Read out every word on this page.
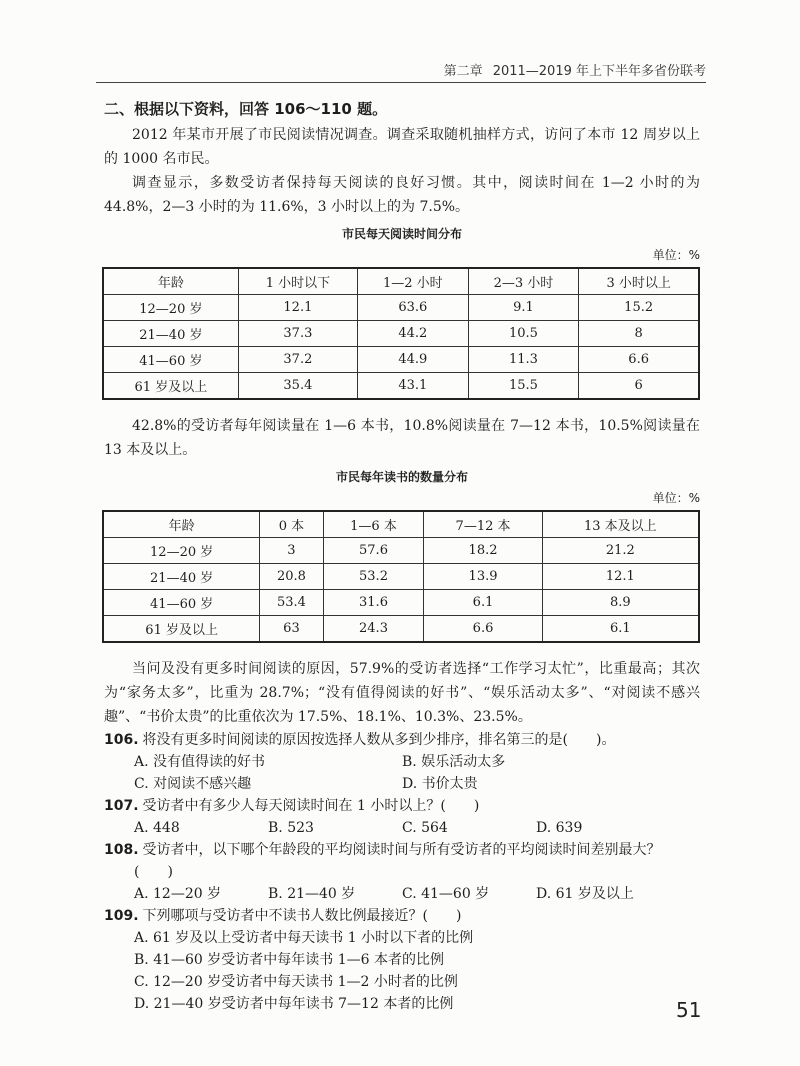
第二章 2011—2019 年上下半年多省份联考

二、根据以下资料，回答 106～110 题。

2012 年某市开展了市民阅读情况调查。调查采取随机抽样方式，访问了本市 12 周岁以上的 1000 名市民。

调查显示，多数受访者保持每天阅读的良好习惯。其中，阅读时间在 1—2 小时的为 44.8%，2—3 小时的为 11.6%，3 小时以上的为 7.5%。

市民每天阅读时间分布
单位：%
年龄	1 小时以下	1—2 小时	2—3 小时	3 小时以上
12—20 岁	12.1	63.6	9.1	15.2
21—40 岁	37.3	44.2	10.5	8
41—60 岁	37.2	44.9	11.3	6.6
61 岁及以上	35.4	43.1	15.5	6

42.8%的受访者每年阅读量在 1—6 本书，10.8%阅读量在 7—12 本书，10.5%阅读量在 13 本及以上。

市民每年读书的数量分布
单位：%
年龄	0 本	1—6 本	7—12 本	13 本及以上
12—20 岁	3	57.6	18.2	21.2
21—40 岁	20.8	53.2	13.9	12.1
41—60 岁	53.4	31.6	6.1	8.9
61 岁及以上	63	24.3	6.6	6.1

当问及没有更多时间阅读的原因，57.9%的受访者选择“工作学习太忙”，比重最高；其次为“家务太多”，比重为 28.7%；“没有值得阅读的好书”、“娱乐活动太多”、“对阅读不感兴趣”、“书价太贵”的比重依次为 17.5%、18.1%、10.3%、23.5%。

106. 将没有更多时间阅读的原因按选择人数从多到少排序，排名第三的是(　　)。

A. 没有值得读的好书	B. 娱乐活动太多
C. 对阅读不感兴趣	D. 书价太贵

107. 受访者中有多少人每天阅读时间在 1 小时以上？(　　)

A. 448	B. 523	C. 564	D. 639

108. 受访者中，以下哪个年龄段的平均阅读时间与所有受访者的平均阅读时间差别最大？

(　　)
A. 12—20 岁	B. 21—40 岁	C. 41—60 岁	D. 61 岁及以上

109. 下列哪项与受访者中不读书人数比例最接近？(　　)

A. 61 岁及以上受访者中每天读书 1 小时以下者的比例
B. 41—60 岁受访者中每年读书 1—6 本者的比例
C. 12—20 岁受访者中每天读书 1—2 小时者的比例
D. 21—40 岁受访者中每年读书 7—12 本者的比例	51
